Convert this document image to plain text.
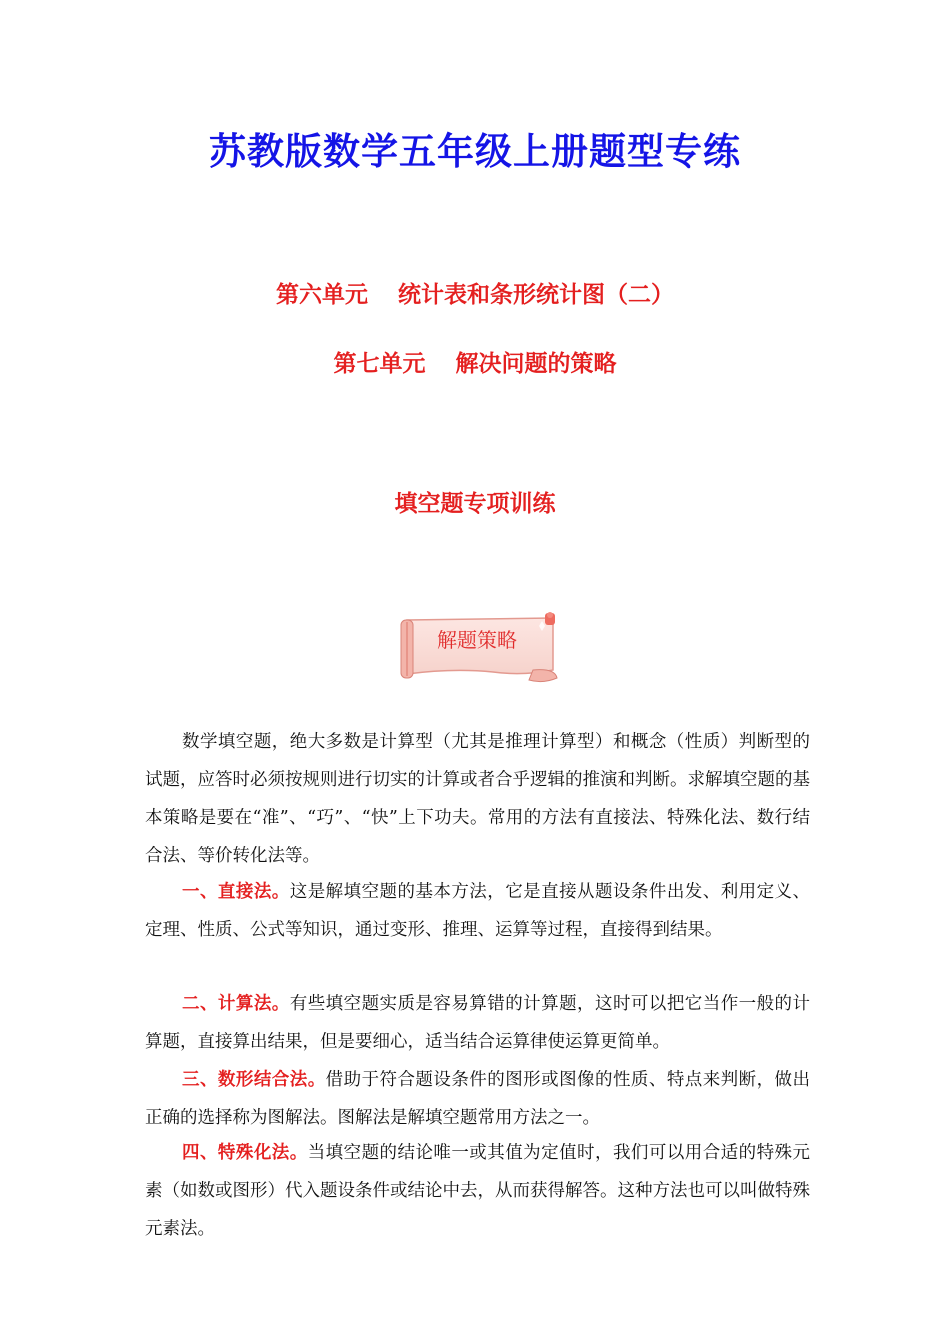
苏教版数学五年级上册题型专练
第六单元 统计表和条形统计图（二）
第七单元 解决问题的策略
填空题专项训练
解题策略

数学填空题，绝大多数是计算型（尤其是推理计算型）和概念（性质）判断型的试题，应答时必须按规则进行切实的计算或者合乎逻辑的推演和判断。求解填空题的基本策略是要在“准”、“巧”、“快”上下功夫。常用的方法有直接法、特殊化法、数行结合法、等价转化法等。

一、直接法。这是解填空题的基本方法，它是直接从题设条件出发、利用定义、定理、性质、公式等知识，通过变形、推理、运算等过程，直接得到结果。

二、计算法。有些填空题实质是容易算错的计算题，这时可以把它当作一般的计算题，直接算出结果，但是要细心，适当结合运算律使运算更简单。

三、数形结合法。借助于符合题设条件的图形或图像的性质、特点来判断，做出正确的选择称为图解法。图解法是解填空题常用方法之一。

四、特殊化法。当填空题的结论唯一或其值为定值时，我们可以用合适的特殊元素（如数或图形）代入题设条件或结论中去，从而获得解答。这种方法也可以叫做特殊元素法。
